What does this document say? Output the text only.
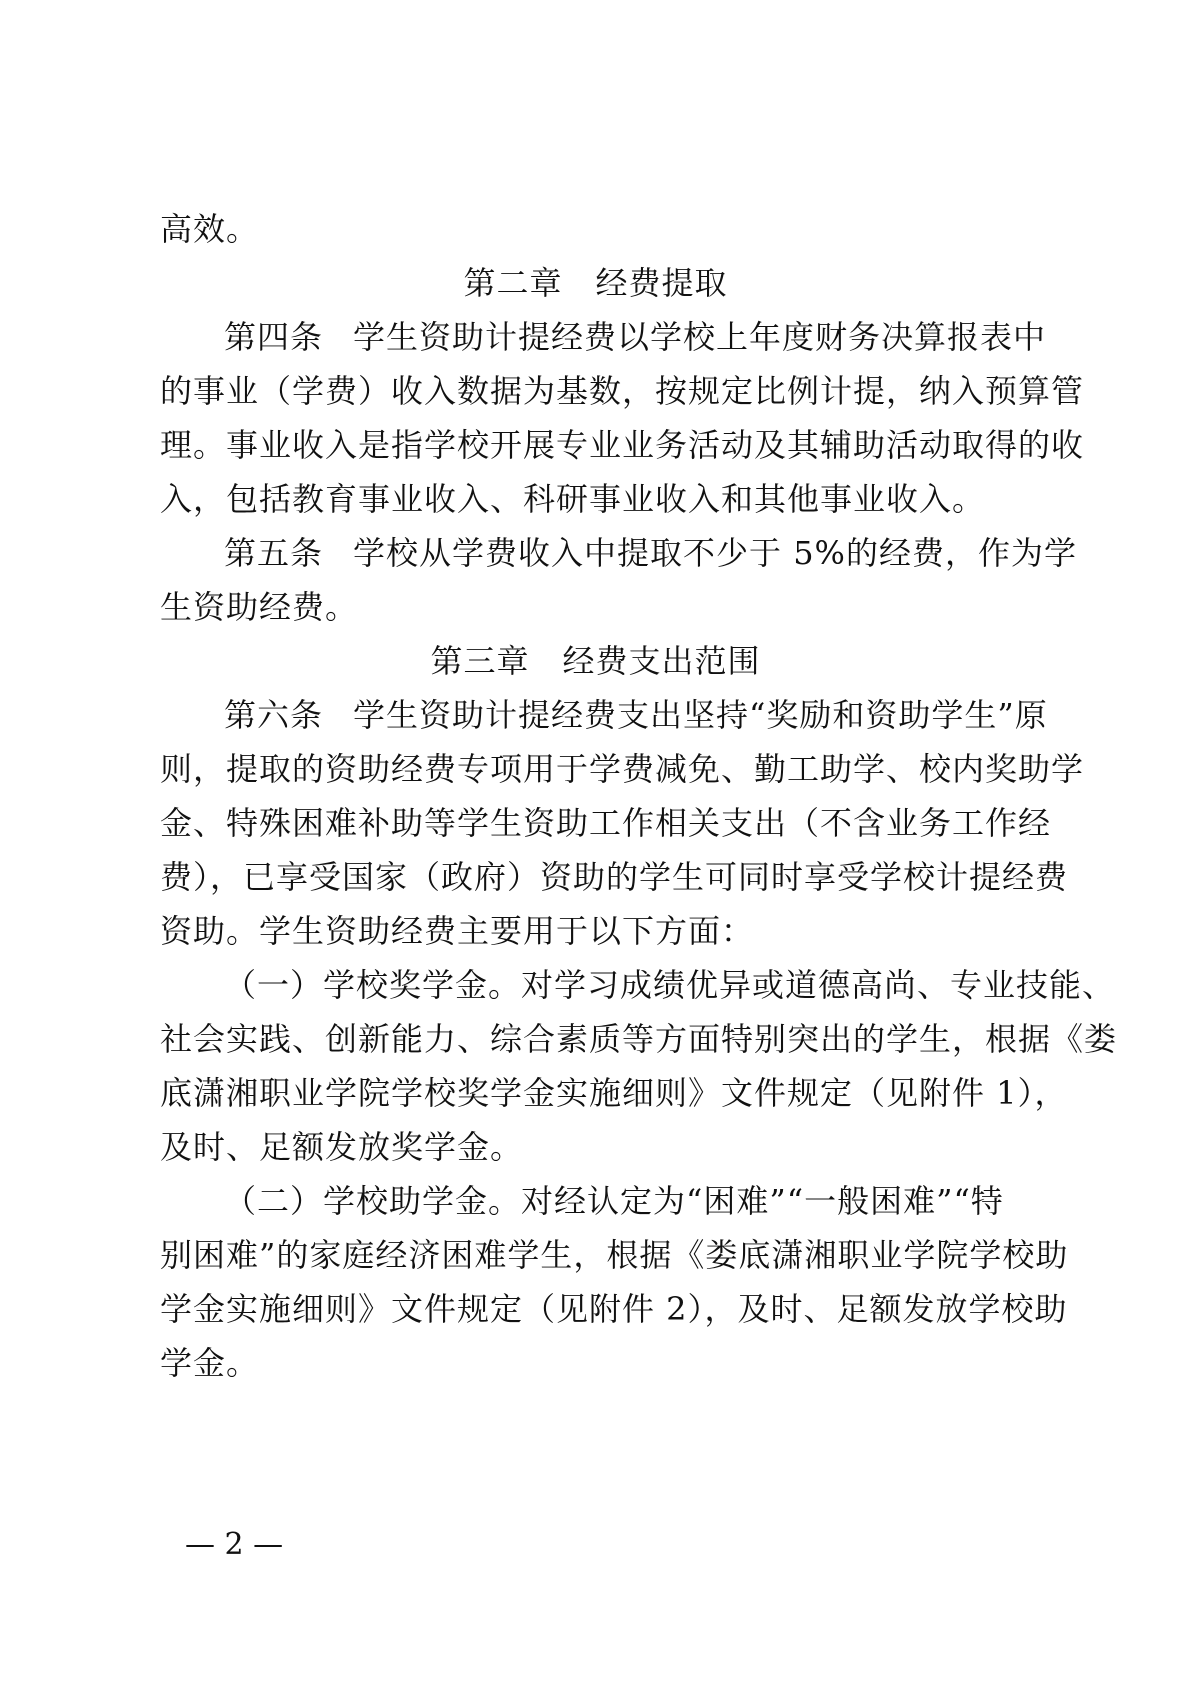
高效。
第二章　经费提取
第四条 学生资助计提经费以学校上年度财务决算报表中
的事业（学费）收入数据为基数，按规定比例计提，纳入预算管
理。事业收入是指学校开展专业业务活动及其辅助活动取得的收
入，包括教育事业收入、科研事业收入和其他事业收入。
第五条 学校从学费收入中提取不少于 5%的经费，作为学
生资助经费。
第三章　经费支出范围
第六条 学生资助计提经费支出坚持“奖励和资助学生”原
则，提取的资助经费专项用于学费减免、勤工助学、校内奖助学
金、特殊困难补助等学生资助工作相关支出（不含业务工作经
费），已享受国家（政府）资助的学生可同时享受学校计提经费
资助。学生资助经费主要用于以下方面：
（一）学校奖学金。对学习成绩优异或道德高尚、专业技能、
社会实践、创新能力、综合素质等方面特别突出的学生，根据《娄
底潇湘职业学院学校奖学金实施细则》文件规定（见附件 1），
及时、足额发放奖学金。
（二）学校助学金。对经认定为“困难”“一般困难”“特
别困难”的家庭经济困难学生，根据《娄底潇湘职业学院学校助
学金实施细则》文件规定（见附件 2），及时、足额发放学校助
学金。
— 2 —
